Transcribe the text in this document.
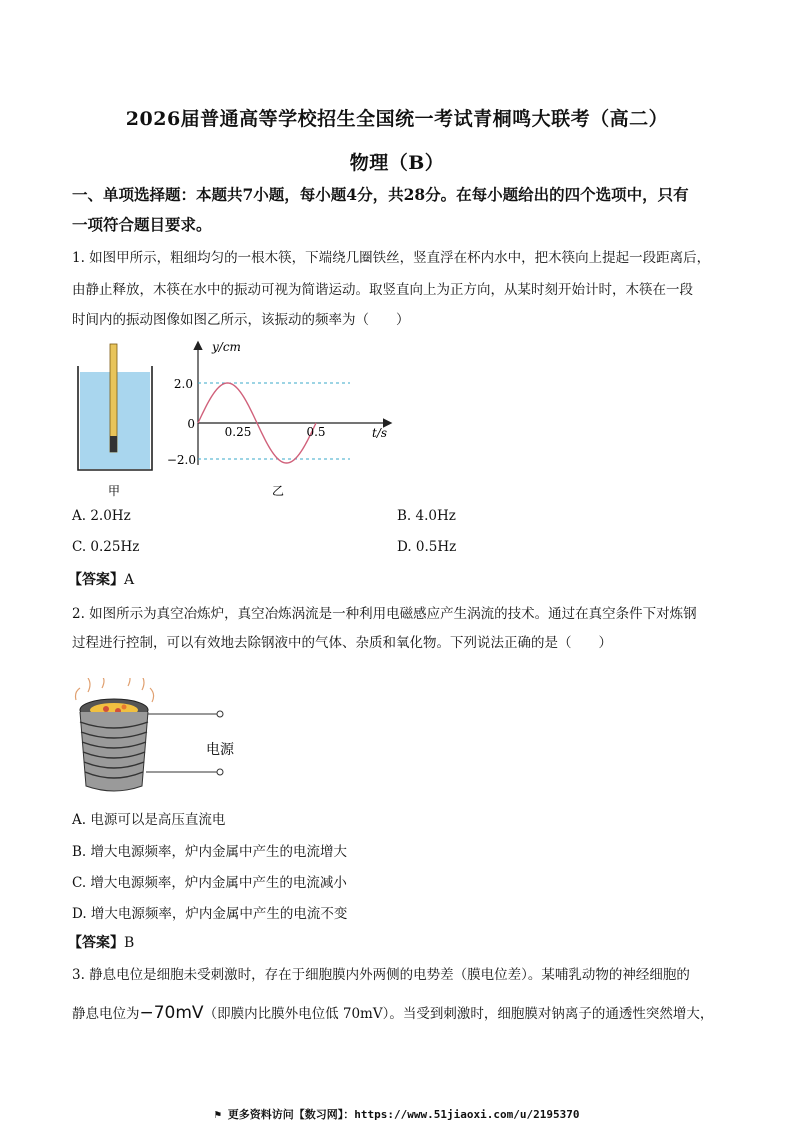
2026届普通高等学校招生全国统一考试青桐鸣大联考（高二）
物理（B）
一、单项选择题：本题共7小题，每小题4分，共28分。在每小题给出的四个选项中，只有
一项符合题目要求。
1. 如图甲所示，粗细均匀的一根木筷，下端绕几圈铁丝，竖直浮在杯内水中，把木筷向上提起一段距离后，
由静止释放，木筷在水中的振动可视为简谐运动。取竖直向上为正方向，从某时刻开始计时，木筷在一段
时间内的振动图像如图乙所示，该振动的频率为（　　）
甲
y/cm
t/s
2.0
0
−2.0
0.25	0.5
乙
A. 2.0Hz	B. 4.0Hz
C. 0.25Hz	D. 0.5Hz
【答案】A
2. 如图所示为真空冶炼炉，真空冶炼涡流是一种利用电磁感应产生涡流的技术。通过在真空条件下对炼钢
过程进行控制，可以有效地去除钢液中的气体、杂质和氧化物。下列说法正确的是（　　）
电源
A. 电源可以是高压直流电
B. 增大电源频率，炉内金属中产生的电流增大
C. 增大电源频率，炉内金属中产生的电流减小
D. 增大电源频率，炉内金属中产生的电流不变
【答案】B
3. 静息电位是细胞未受刺激时，存在于细胞膜内外两侧的电势差（膜电位差）。某哺乳动物的神经细胞的
静息电位为−70mV（即膜内比膜外电位低 70mV）。当受到刺激时，细胞膜对钠离子的通透性突然增大，
⚑ 更多资料访问【数习网】：https://www.51jiaoxi.com/u/2195370
